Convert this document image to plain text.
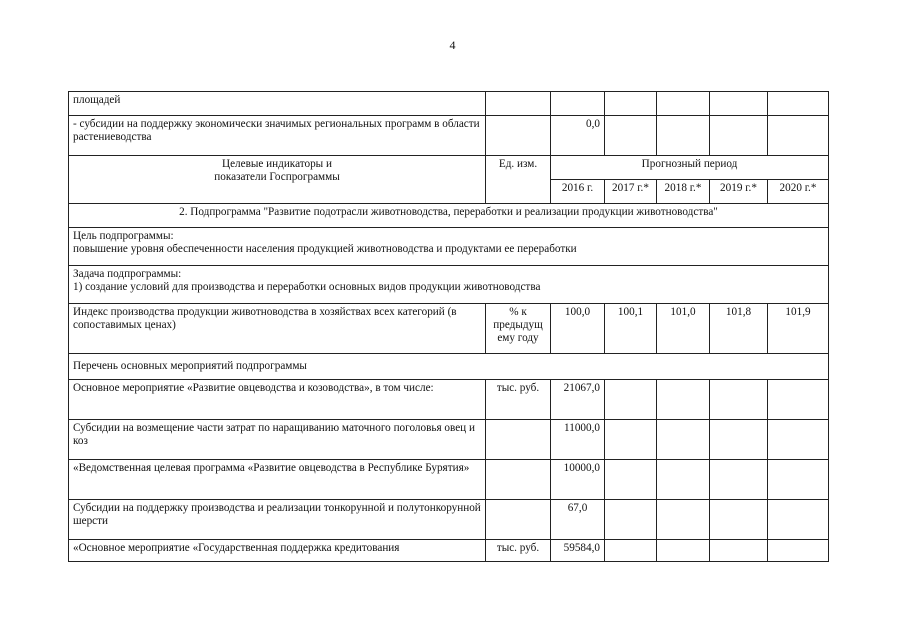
4
площадей						
- субсидии на поддержку экономически значимых региональных программ в области растениеводства		0,0				
Целевые индикаторы и показатели Госпрограммы	Ед. изм.	Прогнозный период				
		2016 г.	2017 г.*	2018 г.*	2019 г.*	2020 г.*
2. Подпрограмма "Развитие подотрасли животноводства, переработки и реализации продукции животноводства"						

Цель подпрограммы:
повышение уровня обеспеченности населения продукцией животноводства и продуктами ее переработки						

Задача подпрограммы:
1) создание условий для производства и переработки основных видов продукции животноводства						

Индекс производства продукции животноводства в хозяйствах всех категорий (в сопоставимых ценах)	% к предыдущ ему году	100,0	100,1	101,0	101,8	101,9
Перечень основных мероприятий подпрограммы						
Основное мероприятие «Развитие овцеводства и козоводства», в том числе:	тыс. руб.	21067,0				
Субсидии на возмещение части затрат по наращиванию маточного поголовья овец и коз		11000,0				
«Ведомственная целевая программа «Развитие овцеводства в Республике Бурятия»		10000,0				
Субсидии на поддержку производства и реализации тонкорунной и полутонкорунной шерсти		67,0				
«Основное мероприятие «Государственная поддержка кредитования	тыс. руб.	59584,0				
